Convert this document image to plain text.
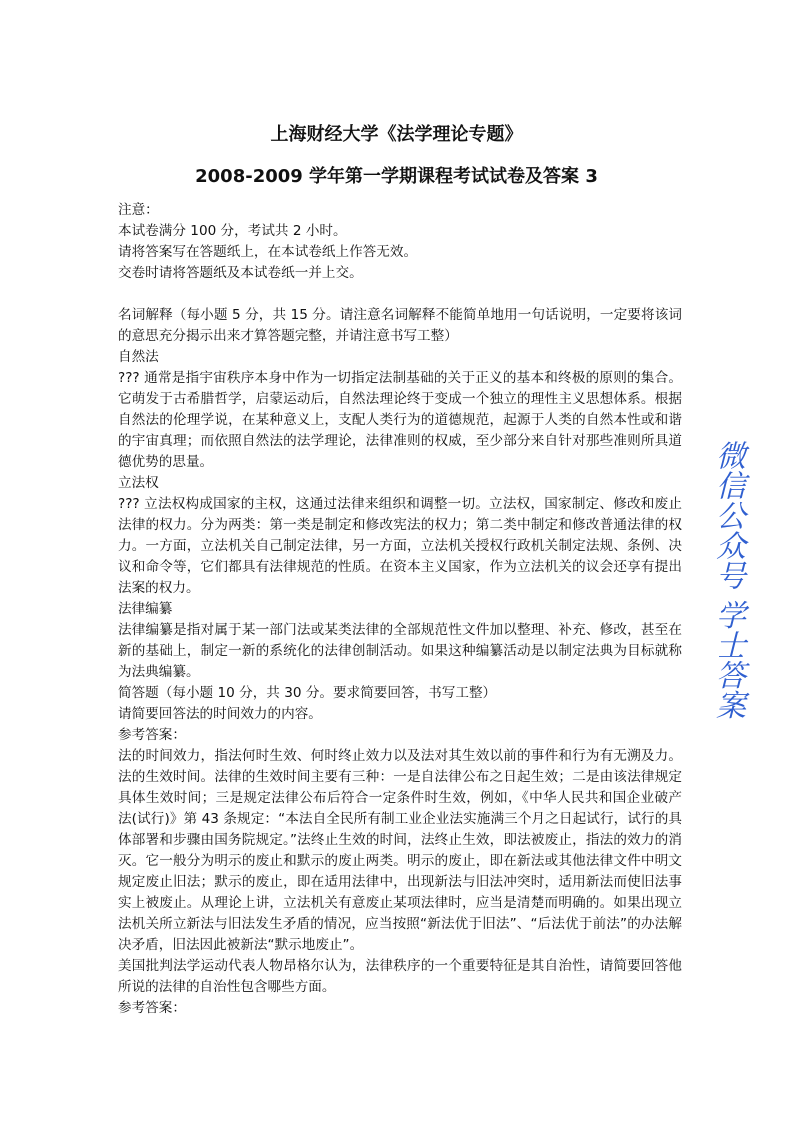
上海财经大学《法学理论专题》
2008-2009 学年第一学期课程考试试卷及答案 3

注意：

本试卷满分 100 分，考试共 2 小时。

请将答案写在答题纸上，在本试卷纸上作答无效。

交卷时请将答题纸及本试卷纸一并上交。

名词解释（每小题 5 分，共 15 分。请注意名词解释不能简单地用一句话说明，一定要将该词的意思充分揭示出来才算答题完整，并请注意书写工整）

自然法

??? 通常是指宇宙秩序本身中作为一切指定法制基础的关于正义的基本和终极的原则的集合。它萌发于古希腊哲学，启蒙运动后，自然法理论终于变成一个独立的理性主义思想体系。根据自然法的伦理学说，在某种意义上，支配人类行为的道德规范，起源于人类的自然本性或和谐的宇宙真理；而依照自然法的法学理论，法律准则的权威，至少部分来自针对那些准则所具道德优势的思量。

立法权

??? 立法权构成国家的主权，这通过法律来组织和调整一切。立法权，国家制定、修改和废止法律的权力。分为两类：第一类是制定和修改宪法的权力；第二类中制定和修改普通法律的权力。一方面，立法机关自己制定法律，另一方面，立法机关授权行政机关制定法规、条例、决议和命令等，它们都具有法律规范的性质。在资本主义国家，作为立法机关的议会还享有提出法案的权力。

法律编纂

法律编纂是指对属于某一部门法或某类法律的全部规范性文件加以整理、补充、修改，甚至在新的基础上，制定一新的系统化的法律创制活动。如果这种编纂活动是以制定法典为目标就称为法典编纂。

简答题（每小题 10 分，共 30 分。要求简要回答，书写工整）

请简要回答法的时间效力的内容。

参考答案：

法的时间效力，指法何时生效、何时终止效力以及法对其生效以前的事件和行为有无溯及力。法的生效时间。法律的生效时间主要有三种：一是自法律公布之日起生效；二是由该法律规定具体生效时间；三是规定法律公布后符合一定条件时生效，例如，《中华人民共和国企业破产法(试行)》第 43 条规定：“本法自全民所有制工业企业法实施满三个月之日起试行，试行的具体部署和步骤由国务院规定。”法终止生效的时间，法终止生效，即法被废止，指法的效力的消灭。它一般分为明示的废止和默示的废止两类。明示的废止，即在新法或其他法律文件中明文规定废止旧法；默示的废止，即在适用法律中，出现新法与旧法冲突时，适用新法而使旧法事实上被废止。从理论上讲，立法机关有意废止某项法律时，应当是清楚而明确的。如果出现立法机关所立新法与旧法发生矛盾的情况，应当按照“新法优于旧法”、“后法优于前法”的办法解决矛盾，旧法因此被新法“默示地废止”。

美国批判法学运动代表人物昂格尔认为，法律秩序的一个重要特征是其自治性，请简要回答他所说的法律的自治性包含哪些方面。

参考答案：

微信公众号 学士答案
